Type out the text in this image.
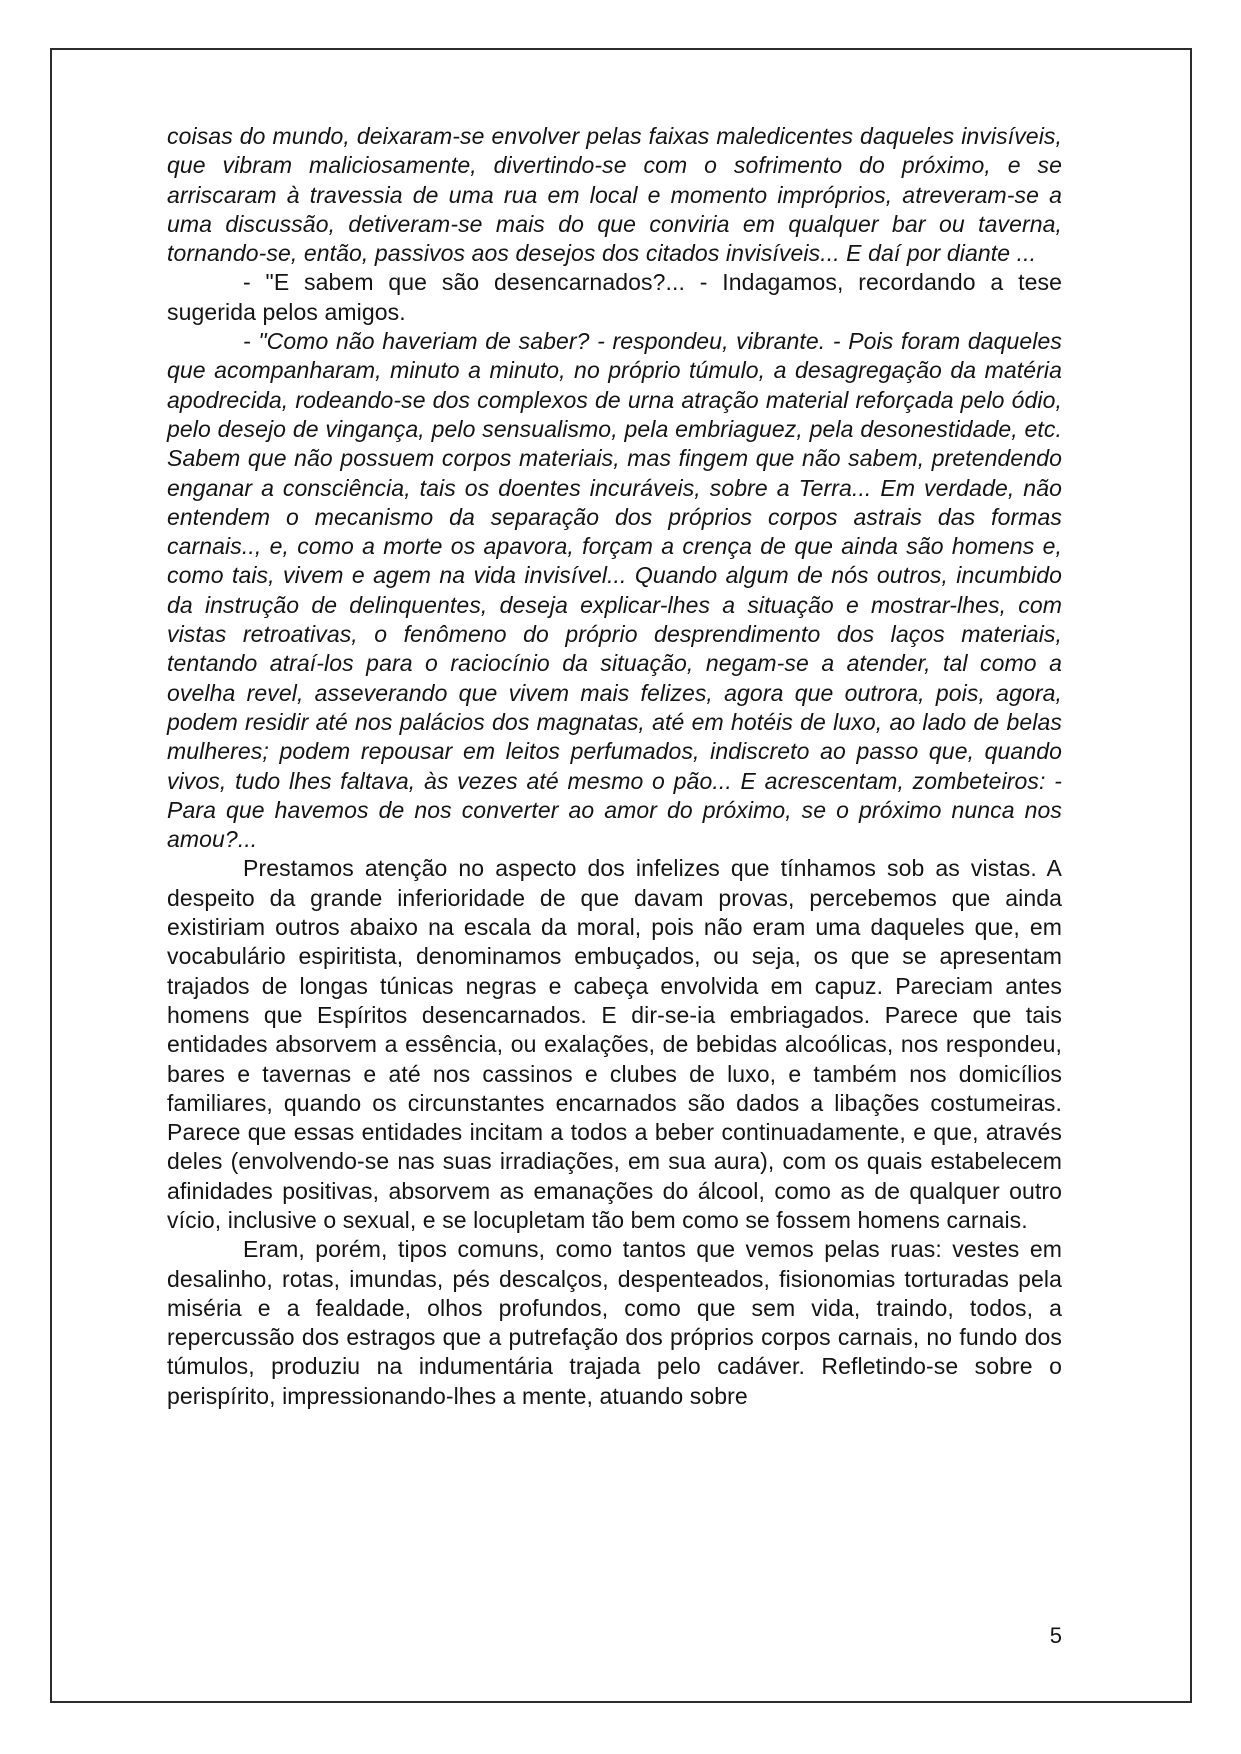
coisas do mundo, deixaram-se envolver pelas faixas maledicentes daqueles invisíveis, que vibram maliciosamente, divertindo-se com o sofrimento do próximo, e se arriscaram à travessia de uma rua em local e momento impróprios, atreveram-se a uma discussão, detiveram-se mais do que conviria em qualquer bar ou taverna, tornando-se, então, passivos aos desejos dos citados invisíveis... E daí por diante ...

- "E sabem que são desencarnados?... - Indagamos, recordando a tese sugerida pelos amigos.

- "Como não haveriam de saber? - respondeu, vibrante. - Pois foram daqueles que acompanharam, minuto a minuto, no próprio túmulo, a desagregação da matéria apodrecida, rodeando-se dos complexos de urna atração material reforçada pelo ódio, pelo desejo de vingança, pelo sensualismo, pela embriaguez, pela desonestidade, etc. Sabem que não possuem corpos materiais, mas fingem que não sabem, pretendendo enganar a consciência, tais os doentes incuráveis, sobre a Terra... Em verdade, não entendem o mecanismo da separação dos próprios corpos astrais das formas carnais.., e, como a morte os apavora, forçam a crença de que ainda são homens e, como tais, vivem e agem na vida invisível... Quando algum de nós outros, incumbido da instrução de delinquentes, deseja explicar-lhes a situação e mostrar-lhes, com vistas retroativas, o fenômeno do próprio desprendimento dos laços materiais, tentando atraí-los para o raciocínio da situação, negam-se a atender, tal como a ovelha revel, asseverando que vivem mais felizes, agora que outrora, pois, agora, podem residir até nos palácios dos magnatas, até em hotéis de luxo, ao lado de belas mulheres; podem repousar em leitos perfumados, indiscreto ao passo que, quando vivos, tudo lhes faltava, às vezes até mesmo o pão... E acrescentam, zombeteiros: - Para que havemos de nos converter ao amor do próximo, se o próximo nunca nos amou?...

Prestamos atenção no aspecto dos infelizes que tínhamos sob as vistas. A despeito da grande inferioridade de que davam provas, percebemos que ainda existiriam outros abaixo na escala da moral, pois não eram uma daqueles que, em vocabulário espiritista, denominamos embuçados, ou seja, os que se apresentam trajados de longas túnicas negras e cabeça envolvida em capuz. Pareciam antes homens que Espíritos desencarnados. E dir-se-ia embriagados. Parece que tais entidades absorvem a essência, ou exalações, de bebidas alcoólicas, nos respondeu, bares e tavernas e até nos cassinos e clubes de luxo, e também nos domicílios familiares, quando os circunstantes encarnados são dados a libações costumeiras. Parece que essas entidades incitam a todos a beber continuadamente, e que, através deles (envolvendo-se nas suas irradiações, em sua aura), com os quais estabelecem afinidades positivas, absorvem as emanações do álcool, como as de qualquer outro vício, inclusive o sexual, e se locupletam tão bem como se fossem homens carnais.

Eram, porém, tipos comuns, como tantos que vemos pelas ruas: vestes em desalinho, rotas, imundas, pés descalços, despenteados, fisionomias torturadas pela miséria e a fealdade, olhos profundos, como que sem vida, traindo, todos, a repercussão dos estragos que a putrefação dos próprios corpos carnais, no fundo dos túmulos, produziu na indumentária trajada pelo cadáver. Refletindo-se sobre o perispírito, impressionando-lhes a mente, atuando sobre

5
